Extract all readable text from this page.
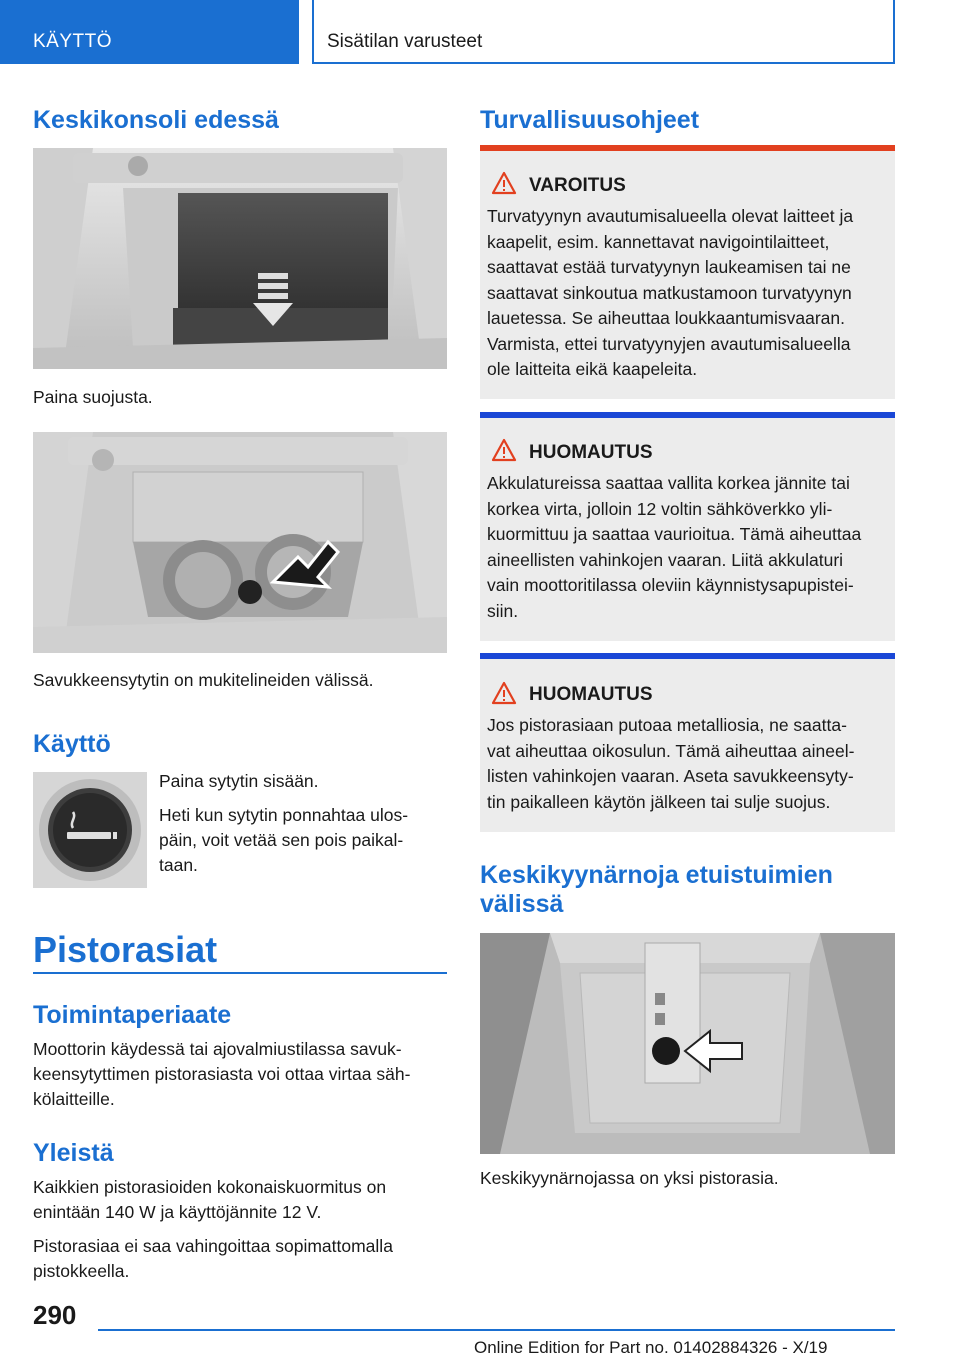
KÄYTTÖ	Sisätilan varusteet
Keskikonsoli edessä
Paina suojusta.
Savukkeensytytin on mukitelineiden välissä.
Käyttö
Paina sytytin sisään.
Heti kun sytytin ponnahtaa ulos-
päin, voit vetää sen pois paikal-
taan.
Pistorasiat
Toimintaperiaate
Moottorin käydessä tai ajovalmiustilassa savuk-
keensytyttimen pistorasiasta voi ottaa virtaa säh-
kölaitteille.
Yleistä
Kaikkien pistorasioiden kokonaiskuormitus on
enintään 140 W ja käyttöjännite 12 V.
Pistorasiaa ei saa vahingoittaa sopimattomalla
pistokkeella.
Turvallisuusohjeet
VAROITUS
Turvatyynyn avautumisalueella olevat laitteet ja
kaapelit, esim. kannettavat navigointilaitteet,
saattavat estää turvatyynyn laukeamisen tai ne
saattavat sinkoutua matkustamoon turvatyynyn
lauetessa. Se aiheuttaa loukkaantumisvaaran.
Varmista, ettei turvatyynyjen avautumisalueella
ole laitteita eikä kaapeleita.
HUOMAUTUS
Akkulatureissa saattaa vallita korkea jännite tai
korkea virta, jolloin 12 voltin sähköverkko yli-
kuormittuu ja saattaa vaurioitua. Tämä aiheuttaa
aineellisten vahinkojen vaaran. Liitä akkulaturi
vain moottoritilassa oleviin käynnistysapupistei-
siin.
HUOMAUTUS
Jos pistorasiaan putoaa metalliosia, ne saatta-
vat aiheuttaa oikosulun. Tämä aiheuttaa aineel-
listen vahinkojen vaaran. Aseta savukkeensyty-
tin paikalleen käytön jälkeen tai sulje suojus.
Keskikyynärnoja etuistuimien
välissä
Keskikyynärnojassa on yksi pistorasia.
290
Online Edition for Part no. 01402884326 - X/19
